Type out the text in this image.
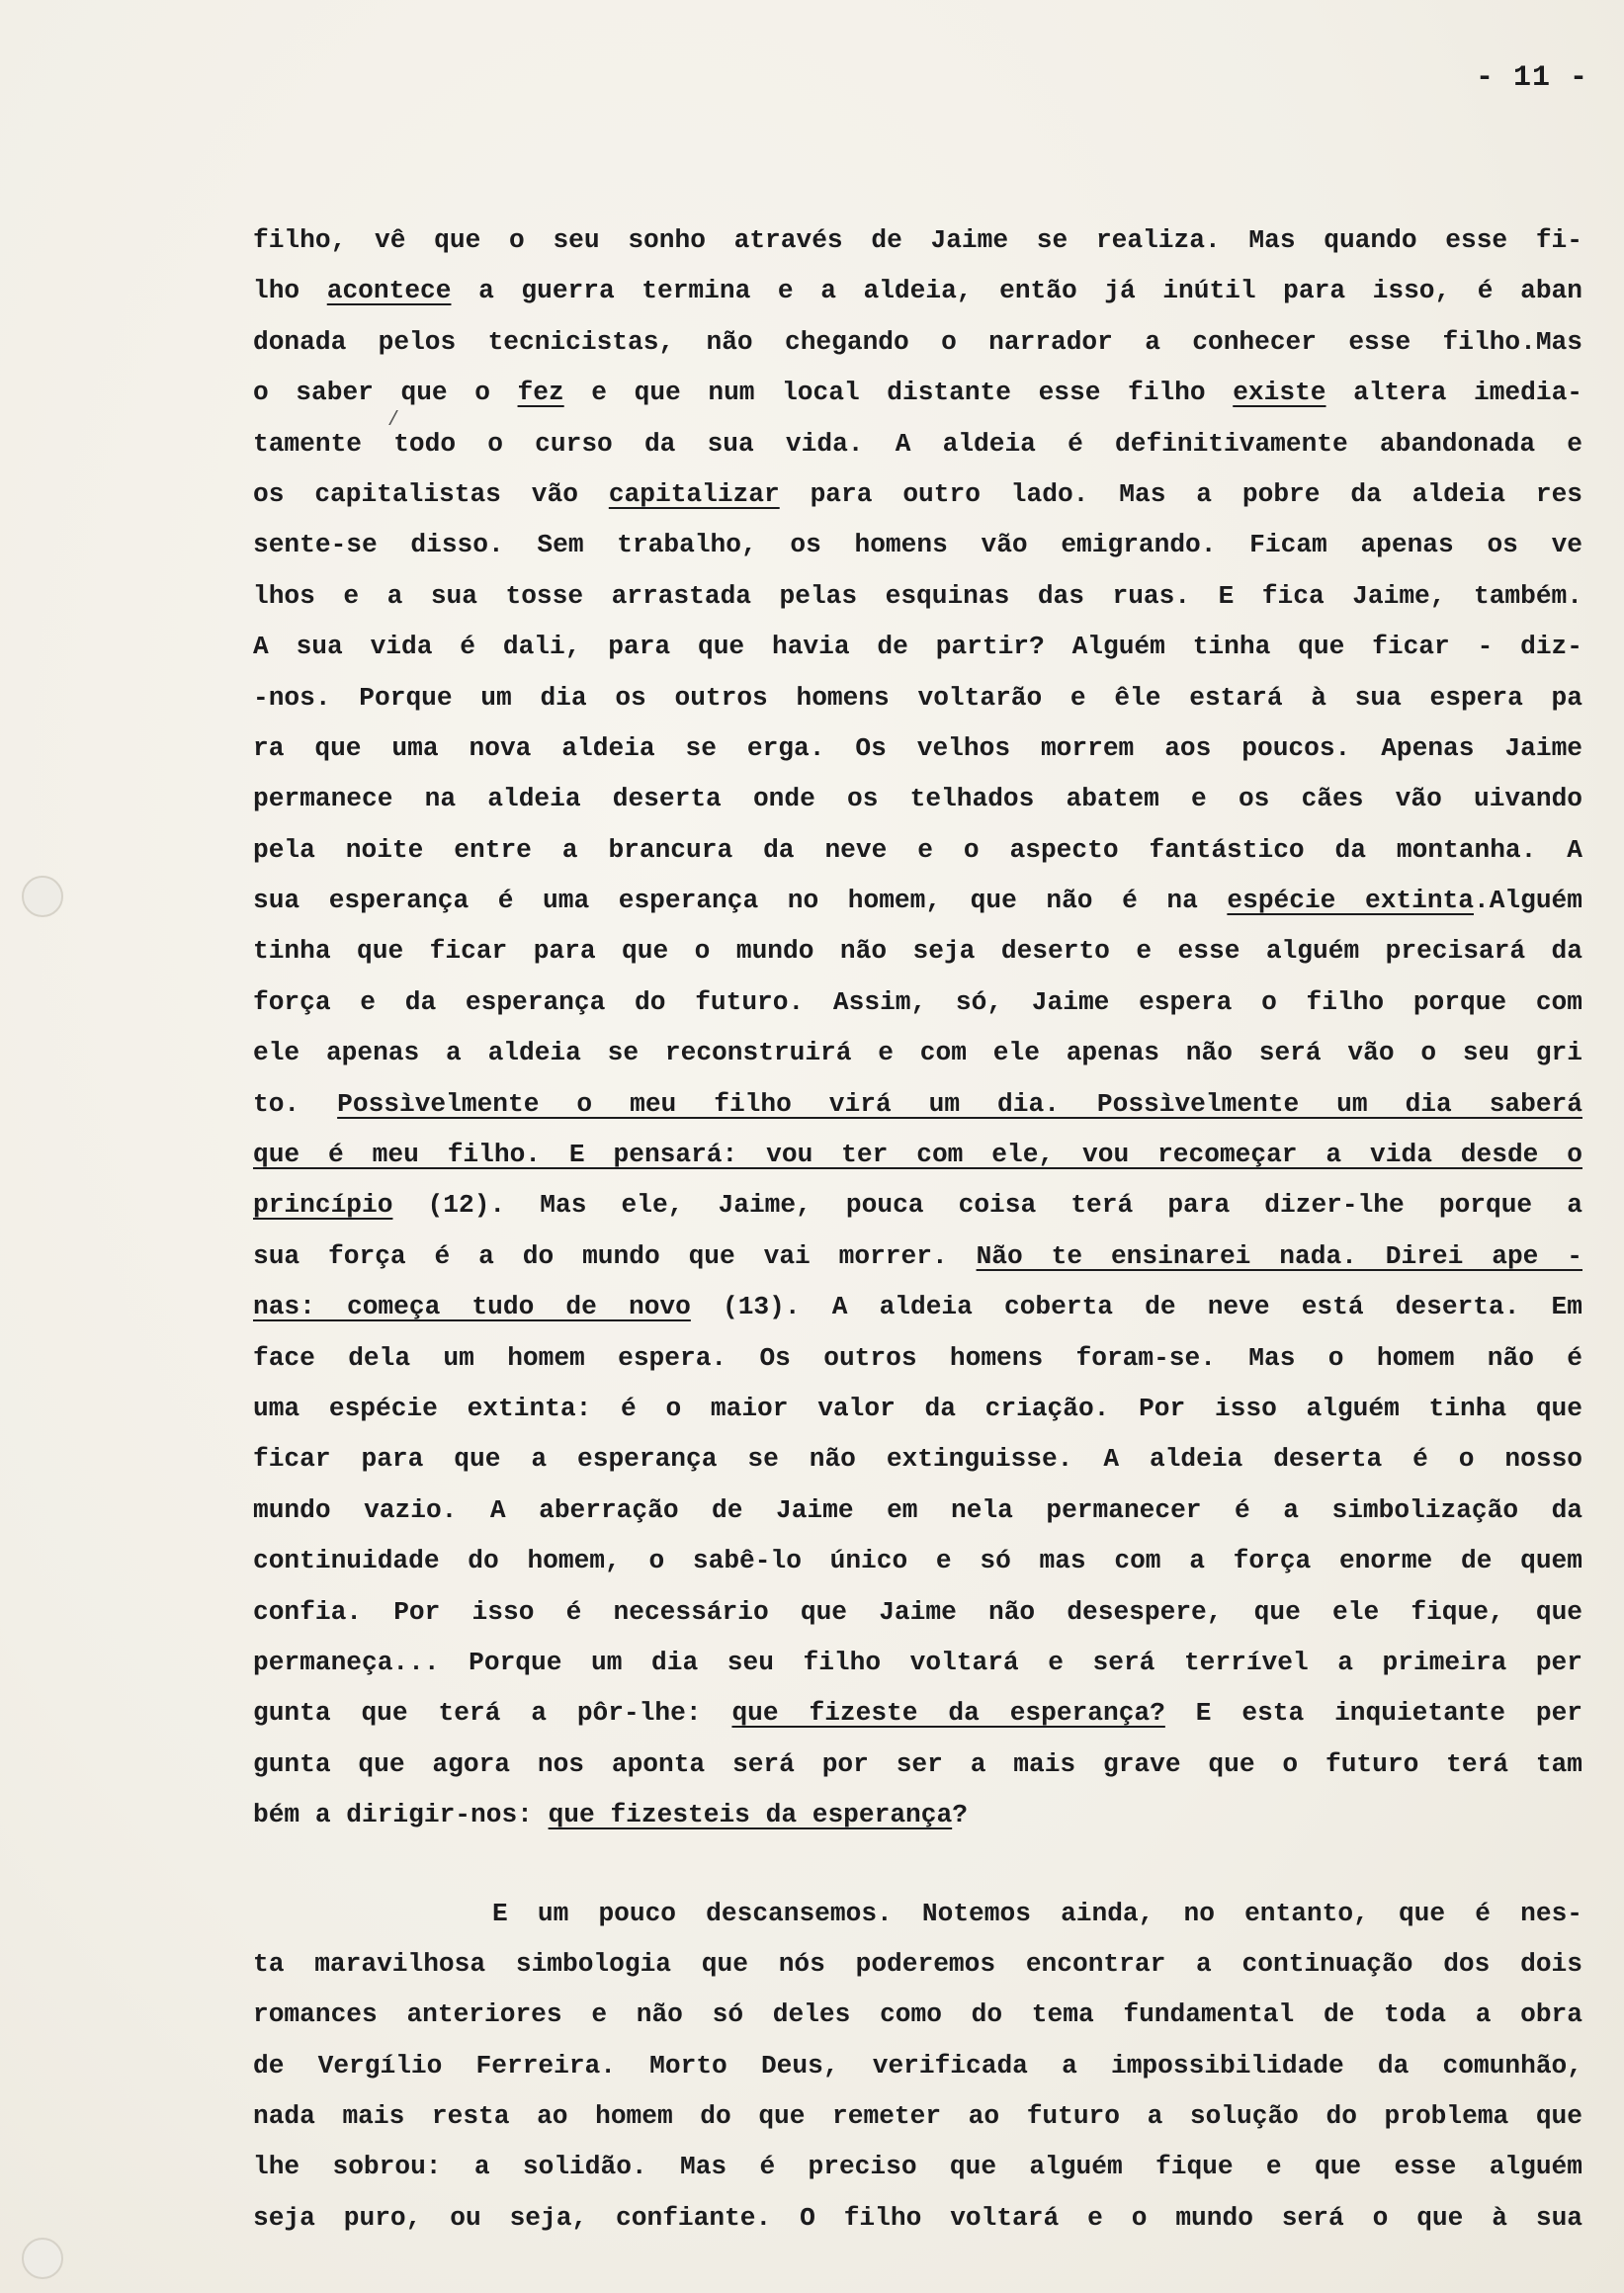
- 11 -
/
filho, vê que o seu sonho através de Jaime se realiza. Mas quando esse fi-
lho acontece a guerra termina e a aldeia, então já inútil para isso, é aban
donada pelos tecnicistas, não chegando o narrador a conhecer esse filho.Mas
o saber que o fez e que num local distante esse filho existe altera imedia-
tamente todo o curso da sua vida. A aldeia é definitivamente abandonada e
os capitalistas vão capitalizar para outro lado. Mas a pobre da aldeia res
sente-se disso. Sem trabalho, os homens vão emigrando. Ficam apenas os ve
lhos e a sua tosse arrastada pelas esquinas das ruas. E fica Jaime, também.
A sua vida é dali, para que havia de partir? Alguém tinha que ficar - diz-
-nos. Porque um dia os outros homens voltarão e êle estará à sua espera pa
ra que uma nova aldeia se erga. Os velhos morrem aos poucos. Apenas Jaime
permanece na aldeia deserta onde os telhados abatem e os cães vão uivando
pela noite entre a brancura da neve e o aspecto fantástico da montanha. A
sua esperança é uma esperança no homem, que não é na espécie extinta.Alguém
tinha que ficar para que o mundo não seja deserto e esse alguém precisará da
força e da esperança do futuro. Assim, só, Jaime espera o filho porque com
ele apenas a aldeia se reconstruirá e com ele apenas não será vão o seu gri
to. Possìvelmente o meu filho virá um dia. Possìvelmente um dia saberá
que é meu filho. E pensará: vou ter com ele, vou recomeçar a vida desde o
princípio (12). Mas ele, Jaime, pouca coisa terá para dizer-lhe porque a
sua força é a do mundo que vai morrer. Não te ensinarei nada. Direi ape -
nas: começa tudo de novo (13). A aldeia coberta de neve está deserta. Em
face dela um homem espera. Os outros homens foram-se. Mas o homem não é
uma espécie extinta: é o maior valor da criação. Por isso alguém tinha que
ficar para que a esperança se não extinguisse. A aldeia deserta é o nosso
mundo vazio. A aberração de Jaime em nela permanecer é a simbolização da
continuidade do homem, o sabê-lo único e só mas com a força enorme de quem
confia. Por isso é necessário que Jaime não desespere, que ele fique, que
permaneça... Porque um dia seu filho voltará e será terrível a primeira per
gunta que terá a pôr-lhe: que fizeste da esperança? E esta inquietante per
gunta que agora nos aponta será por ser a mais grave que o futuro terá tam
bém a dirigir-nos: que fizesteis da esperança?
E um pouco descansemos. Notemos ainda, no entanto, que é nes-
ta maravilhosa simbologia que nós poderemos encontrar a continuação dos dois
romances anteriores e não só deles como do tema fundamental de toda a obra
de Vergílio Ferreira. Morto Deus, verificada a impossibilidade da comunhão,
nada mais resta ao homem do que remeter ao futuro a solução do problema que
lhe sobrou: a solidão. Mas é preciso que alguém fique e que esse alguém
seja puro, ou seja, confiante. O filho voltará e o mundo será o que à sua
